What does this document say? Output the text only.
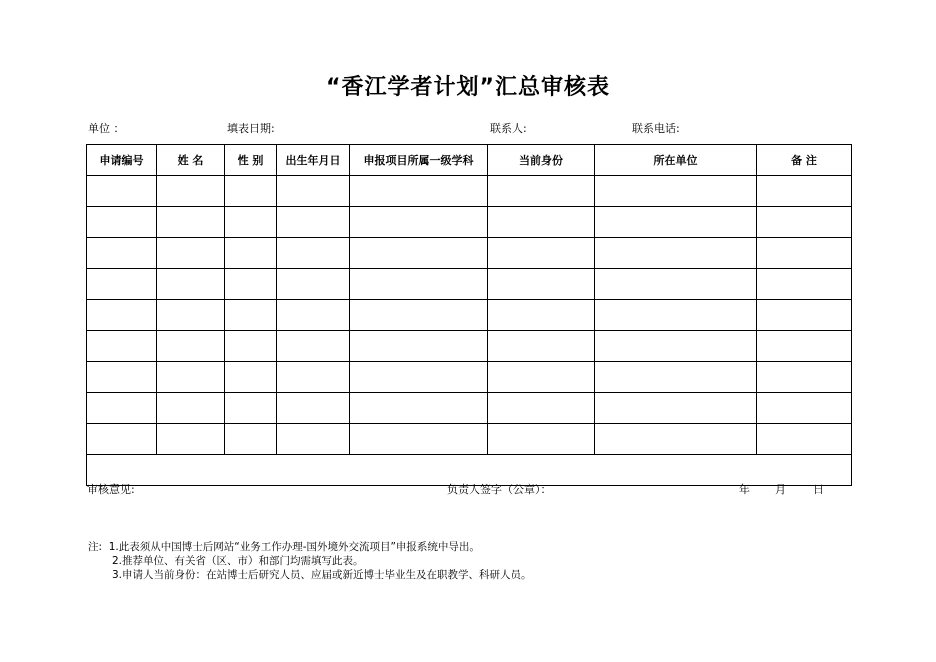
“香江学者计划”汇总审核表
单位 ：	填表日期:	联系人:	联系电话:
申请编号	姓 名	性 别	出生年月日	申报项目所属一级学科	当前身份	所在单位	备 注

审核意见: 负责人签字（公章）： 年 月 日							
注: 1.此表须从中国博士后网站“业务工作办理-国外境外交流项目”申报系统中导出。
2.推荐单位、有关省（区、市）和部门均需填写此表。
3.申请人当前身份：在站博士后研究人员、应届或新近博士毕业生及在职教学、科研人员。
